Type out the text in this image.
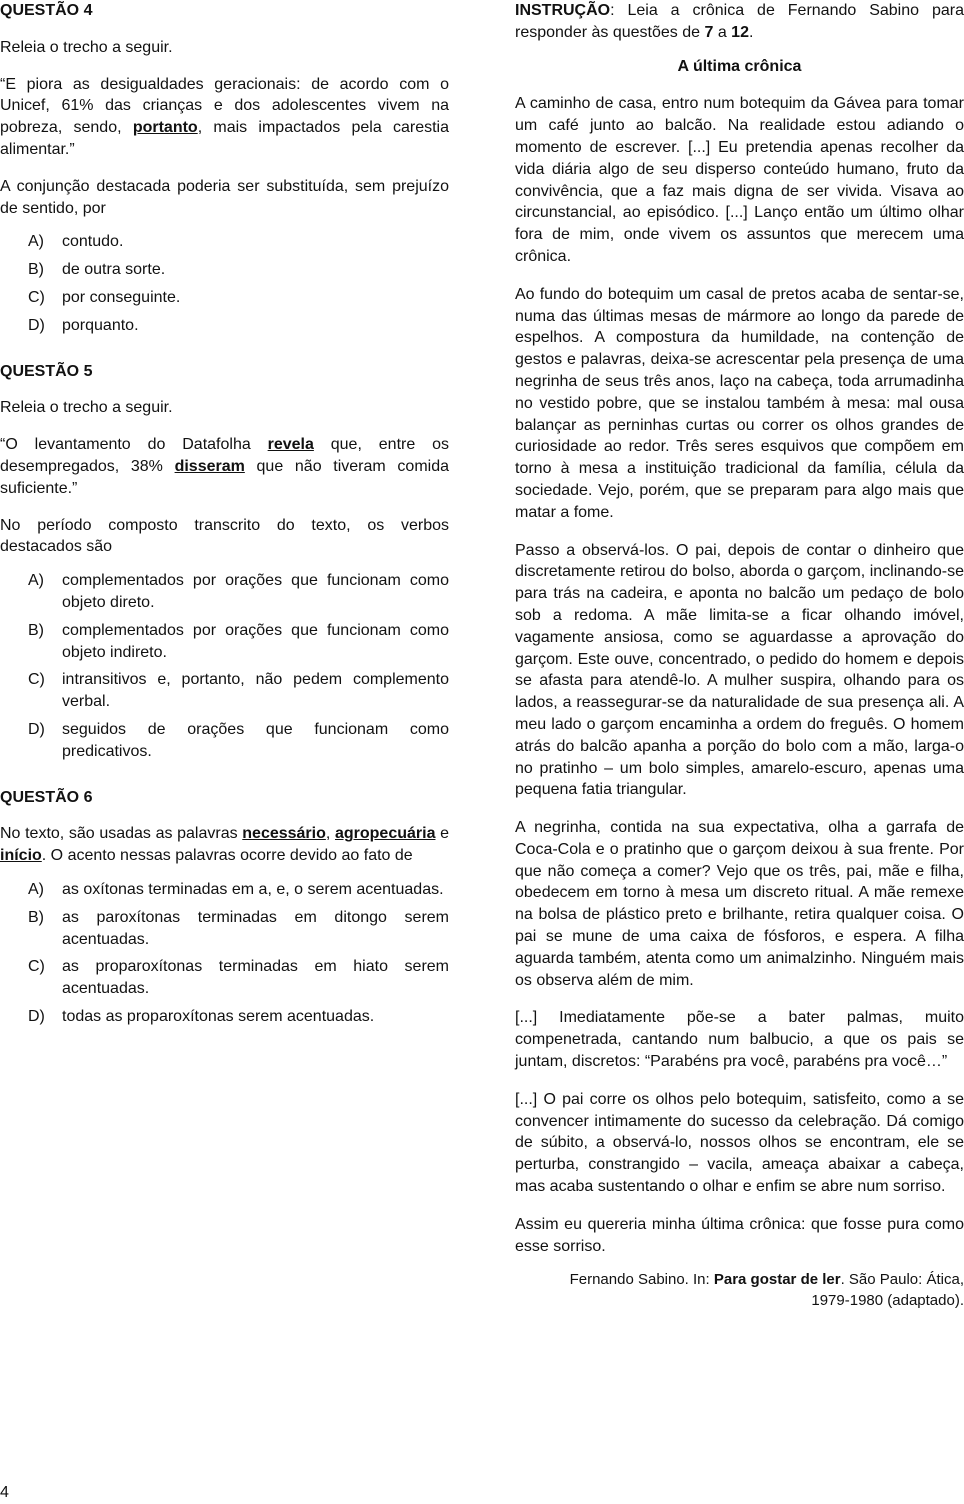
QUESTÃO 4

Releia o trecho a seguir.

“E piora as desigualdades geracionais: de acordo com o Unicef, 61% das crianças e dos adolescentes vivem na pobreza, sendo, portanto, mais impactados pela carestia alimentar.”

A conjunção destacada poderia ser substituída, sem prejuízo de sentido, por

A)	contudo.
B)	de outra sorte.
C)	por conseguinte.
D)	porquanto.
QUESTÃO 5

Releia o trecho a seguir.

“O levantamento do Datafolha revela que, entre os desempregados, 38% disseram que não tiveram comida suficiente.”

No período composto transcrito do texto, os verbos destacados são

A)	complementados por orações que funcionam como objeto direto.
B)	complementados por orações que funcionam como objeto indireto.
C)	intransitivos e, portanto, não pedem complemento verbal.
D)	seguidos de orações que funcionam como predicativos.
QUESTÃO 6

No texto, são usadas as palavras necessário, agropecuária e início. O acento nessas palavras ocorre devido ao fato de

A)	as oxítonas terminadas em a, e, o serem acentuadas.
B)	as paroxítonas terminadas em ditongo serem acentuadas.
C)	as proparoxítonas terminadas em hiato serem acentuadas.
D)	todas as proparoxítonas serem acentuadas.

INSTRUÇÃO: Leia a crônica de Fernando Sabino para responder às questões de 7 a 12.

A última crônica

A caminho de casa, entro num botequim da Gávea para tomar um café junto ao balcão. Na realidade estou adiando o momento de escrever. [...] Eu pretendia apenas recolher da vida diária algo de seu disperso conteúdo humano, fruto da convivência, que a faz mais digna de ser vivida. Visava ao circunstancial, ao episódico. [...] Lanço então um último olhar fora de mim, onde vivem os assuntos que merecem uma crônica.

Ao fundo do botequim um casal de pretos acaba de sentar-se, numa das últimas mesas de mármore ao longo da parede de espelhos. A compostura da humildade, na contenção de gestos e palavras, deixa-se acrescentar pela presença de uma negrinha de seus três anos, laço na cabeça, toda arrumadinha no vestido pobre, que se instalou também à mesa: mal ousa balançar as perninhas curtas ou correr os olhos grandes de curiosidade ao redor. Três seres esquivos que compõem em torno à mesa a instituição tradicional da família, célula da sociedade. Vejo, porém, que se preparam para algo mais que matar a fome.

Passo a observá-los. O pai, depois de contar o dinheiro que discretamente retirou do bolso, aborda o garçom, inclinando-se para trás na cadeira, e aponta no balcão um pedaço de bolo sob a redoma. A mãe limita-se a ficar olhando imóvel, vagamente ansiosa, como se aguardasse a aprovação do garçom. Este ouve, concentrado, o pedido do homem e depois se afasta para atendê-lo. A mulher suspira, olhando para os lados, a reassegurar-se da naturalidade de sua presença ali. A meu lado o garçom encaminha a ordem do freguês. O homem atrás do balcão apanha a porção do bolo com a mão, larga-o no pratinho – um bolo simples, amarelo-escuro, apenas uma pequena fatia triangular.

A negrinha, contida na sua expectativa, olha a garrafa de Coca-Cola e o pratinho que o garçom deixou à sua frente. Por que não começa a comer? Vejo que os três, pai, mãe e filha, obedecem em torno à mesa um discreto ritual. A mãe remexe na bolsa de plástico preto e brilhante, retira qualquer coisa. O pai se mune de uma caixa de fósforos, e espera. A filha aguarda também, atenta como um animalzinho. Ninguém mais os observa além de mim.

[...] Imediatamente põe-se a bater palmas, muito compenetrada, cantando num balbucio, a que os pais se juntam, discretos: “Parabéns pra você, parabéns pra você…”

[...] O pai corre os olhos pelo botequim, satisfeito, como a se convencer intimamente do sucesso da celebração. Dá comigo de súbito, a observá-lo, nossos olhos se encontram, ele se perturba, constrangido – vacila, ameaça abaixar a cabeça, mas acaba sustentando o olhar e enfim se abre num sorriso.

Assim eu quereria minha última crônica: que fosse pura como esse sorriso.

Fernando Sabino. In: Para gostar de ler. São Paulo: Ática,
1979-1980 (adaptado).
4
